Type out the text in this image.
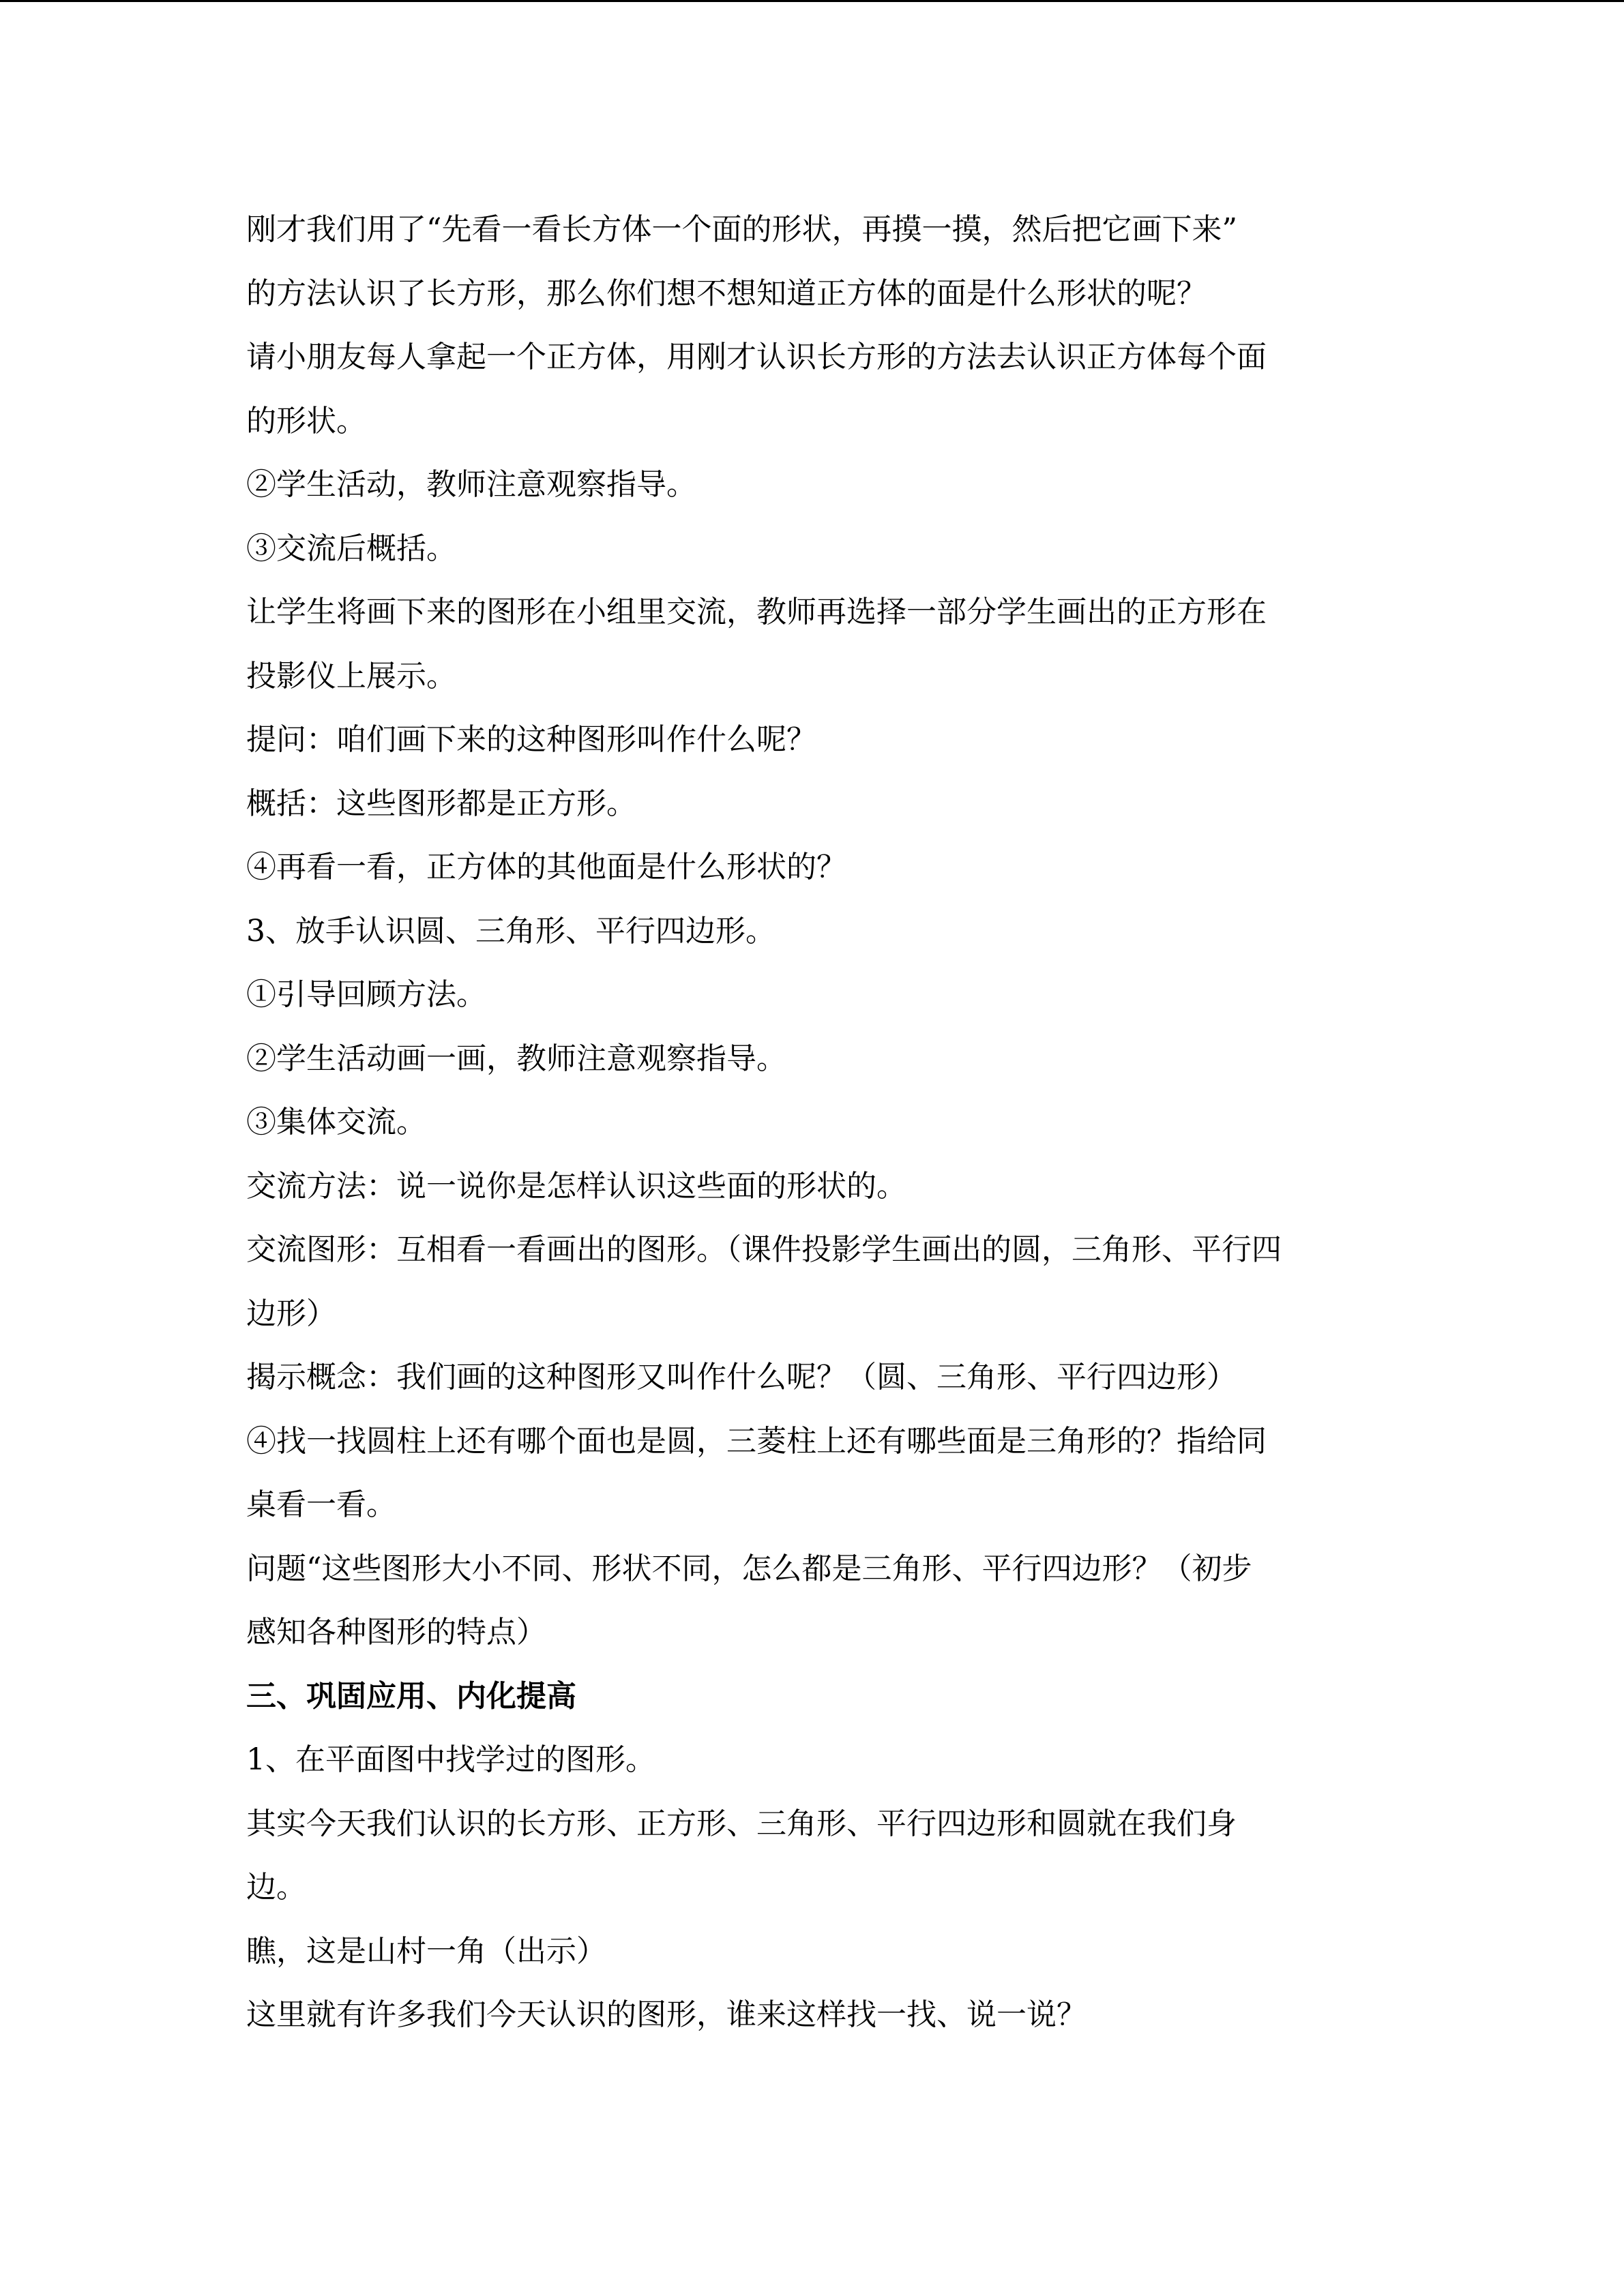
刚才我们用了“先看一看长方体一个面的形状，再摸一摸，然后把它画下来”

的方法认识了长方形，那么你们想不想知道正方体的面是什么形状的呢？

请小朋友每人拿起一个正方体，用刚才认识长方形的方法去认识正方体每个面

的形状。

②学生活动，教师注意观察指导。

③交流后概括。

让学生将画下来的图形在小组里交流，教师再选择一部分学生画出的正方形在

投影仪上展示。

提问：咱们画下来的这种图形叫作什么呢？

概括：这些图形都是正方形。

④再看一看，正方体的其他面是什么形状的？

3、放手认识圆、三角形、平行四边形。

①引导回顾方法。

②学生活动画一画，教师注意观察指导。

③集体交流。

交流方法：说一说你是怎样认识这些面的形状的。

交流图形：互相看一看画出的图形。（课件投影学生画出的圆，三角形、平行四

边形）

揭示概念：我们画的这种图形又叫作什么呢？（圆、三角形、平行四边形）

④找一找圆柱上还有哪个面也是圆，三菱柱上还有哪些面是三角形的？指给同

桌看一看。

问题“这些图形大小不同、形状不同，怎么都是三角形、平行四边形？（初步

感知各种图形的特点）

三、巩固应用、内化提高

1、在平面图中找学过的图形。

其实今天我们认识的长方形、正方形、三角形、平行四边形和圆就在我们身

边。

瞧，这是山村一角（出示）

这里就有许多我们今天认识的图形，谁来这样找一找、说一说？
